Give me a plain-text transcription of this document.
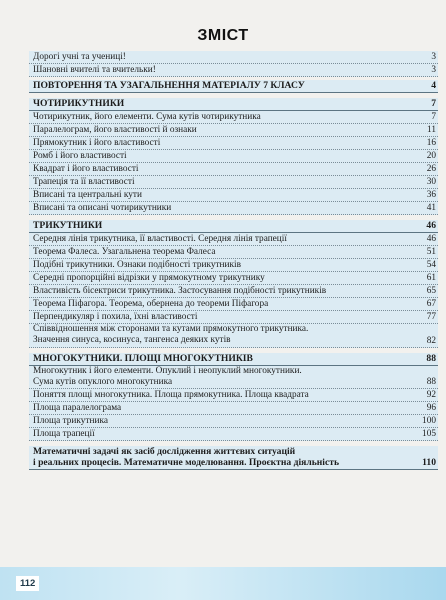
ЗМІСТ
Дорогі учні та учениці!	3
Шановні вчителі та вчительки!	3
ПОВТОРЕННЯ ТА УЗАГАЛЬНЕННЯ МАТЕРІАЛУ 7 КЛАСУ	4
ЧОТИРИКУТНИКИ	7
Чотирикутник, його елементи. Сума кутів чотирикутника	7
Паралелограм, його властивості й ознаки	11
Прямокутник і його властивості	16
Ромб і його властивості	20
Квадрат і його властивості	26
Трапеція та її властивості	30
Вписані та центральні кути	36
Вписані та описані чотирикутники	41
ТРИКУТНИКИ	46
Середня лінія трикутника, її властивості. Середня лінія трапеції	46
Теорема Фалеса. Узагальнена теорема Фалеса	51
Подібні трикутники. Ознаки подібності трикутників	54
Середні пропорційні відрізки у прямокутному трикутнику	61
Властивість бісектриси трикутника. Застосування подібності трикутників	65
Теорема Піфагора. Теорема, обернена до теореми Піфагора	67
Перпендикуляр і похила, їхні властивості	77
Співвідношення між сторонами та кутами прямокутного трикутника.
Значення синуса, косинуса, тангенса деяких кутів	82
МНОГОКУТНИКИ. ПЛОЩІ МНОГОКУТНИКІВ	88
Многокутник і його елементи. Опуклий і неопуклий многокутники.
Сума кутів опуклого многокутника	88
Поняття площі многокутника. Площа прямокутника. Площа квадрата	92
Площа паралелограма	96
Площа трикутника	100
Площа трапеції	105
Математичні задачі як засіб дослідження життєвих ситуацій
і реальних процесів. Математичне моделювання. Проєктна діяльність	110
112
